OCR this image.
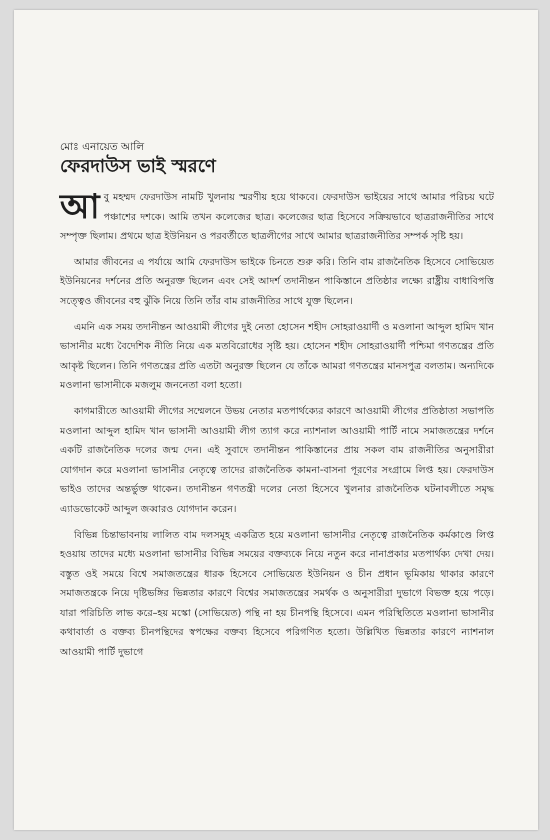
মোঃ এনায়েত আলি
ফেরদাউস ভাই স্মরণে

আবু মহম্মদ ফেরদাউস নামটি খুলনায় স্মরণীয় হয়ে থাকবে। ফেরদাউস ভাইয়ের সাথে আমার পরিচয় ঘটে পঞ্চাশের দশকে। আমি তখন কলেজের ছাত্র। কলেজের ছাত্র হিসেবে সক্রিয়ভাবে ছাত্ররাজনীতির সাথে সম্পৃক্ত ছিলাম। প্রথমে ছাত্র ইউনিয়ন ও পরবর্তীতে ছাত্রলীগের সাথে আমার ছাত্ররাজনীতির সম্পর্ক সৃষ্টি হয়।

আমার জীবনের এ পর্যায়ে আমি ফেরদাউস ভাইকে চিনতে শুরু করি। তিনি বাম রাজনৈতিক হিসেবে সোভিয়েত ইউনিয়নের দর্শনের প্রতি অনুরক্ত ছিলেন এবং সেই আদর্শ তদানীন্তন পাকিস্তানে প্রতিষ্ঠার লক্ষ্যে রাষ্ট্রীয় বাধাবিপত্তি সত্ত্বেও জীবনের বহু ঝুঁকি নিয়ে তিনি তাঁর বাম রাজনীতির সাথে যুক্ত ছিলেন।

এমনি এক সময় তদানীন্তন আওয়ামী লীগের দুই নেতা হোসেন শহীদ সোহরাওয়ার্দী ও মওলানা আব্দুল হামিদ খান ভাসানীর মধ্যে বৈদেশিক নীতি নিয়ে এক মতবিরোধের সৃষ্টি হয়। হোসেন শহীদ সোহরাওয়ার্দী পশ্চিমা গণতন্ত্রের প্রতি আকৃষ্ট ছিলেন। তিনি গণতন্ত্রের প্রতি এতটা অনুরক্ত ছিলেন যে তাঁকে আমরা গণতন্ত্রের মানসপুত্র বলতাম। অন্যদিকে মওলানা ভাসানীকে মজলুম জননেতা বলা হতো।

কাগমারীতে আওয়ামী লীগের সম্মেলনে উভয় নেতার মতপার্থক্যের কারণে আওয়ামী লীগের প্রতিষ্ঠাতা সভাপতি মওলানা আব্দুল হামিদ খান ভাসানী আওয়ামী লীগ ত্যাগ করে ন্যাশনাল আওয়ামী পার্টি নামে সমাজতন্ত্রের দর্শনে একটি রাজনৈতিক দলের জন্ম দেন। এই সুবাদে তদানীন্তন পাকিস্তানের প্রায় সকল বাম রাজনীতির অনুসারীরা যোগদান করে মওলানা ভাসানীর নেতৃত্বে তাদের রাজনৈতিক কামনা-বাসনা পূরণের সংগ্রামে লিপ্ত হয়। ফেরদাউস ভাইও তাদের অন্তর্ভুক্ত থাকেন। তদানীন্তন গণতন্ত্রী দলের নেতা হিসেবে খুলনার রাজনৈতিক ঘটনাবলীতে সমৃদ্ধ এ্যাডভোকেট আব্দুল জব্বারও যোগদান করেন।

বিভিন্ন চিন্তাভাবনায় লালিত বাম দলসমূহ একত্রিত হয়ে মওলানা ভাসানীর নেতৃত্বে রাজনৈতিক কর্মকাণ্ডে লিপ্ত হওয়ায় তাদের মধ্যে মওলানা ভাসানীর বিভিন্ন সময়ের বক্তব্যকে নিয়ে নতুন করে নানাপ্রকার মতপার্থক্য দেখা দেয়। বস্তুত ওই সময়ে বিশ্বে সমাজতন্ত্রের ধারক হিসেবে সোভিয়েত ইউনিয়ন ও চীন প্রধান ভূমিকায় থাকার কারণে সমাজতন্ত্রকে নিয়ে দৃষ্টিভঙ্গির ভিন্নতার কারণে বিশ্বের সমাজতন্ত্রের সমর্থক ও অনুসারীরা দুভাগে বিভক্ত হয়ে পড়ে। যারা পরিচিতি লাভ করে–হয় মস্কো (সোভিয়েত) পন্থি না হয় চীনপন্থি হিসেবে। এমন পরিস্থিতিতে মওলানা ভাসানীর কথাবার্তা ও বক্তব্য চীনপন্থিদের স্বপক্ষের বক্তব্য হিসেবে পরিগণিত হতো। উল্লিখিত ভিন্নতার কারণে ন্যাশনাল আওয়ামী পার্টি দুভাগে
